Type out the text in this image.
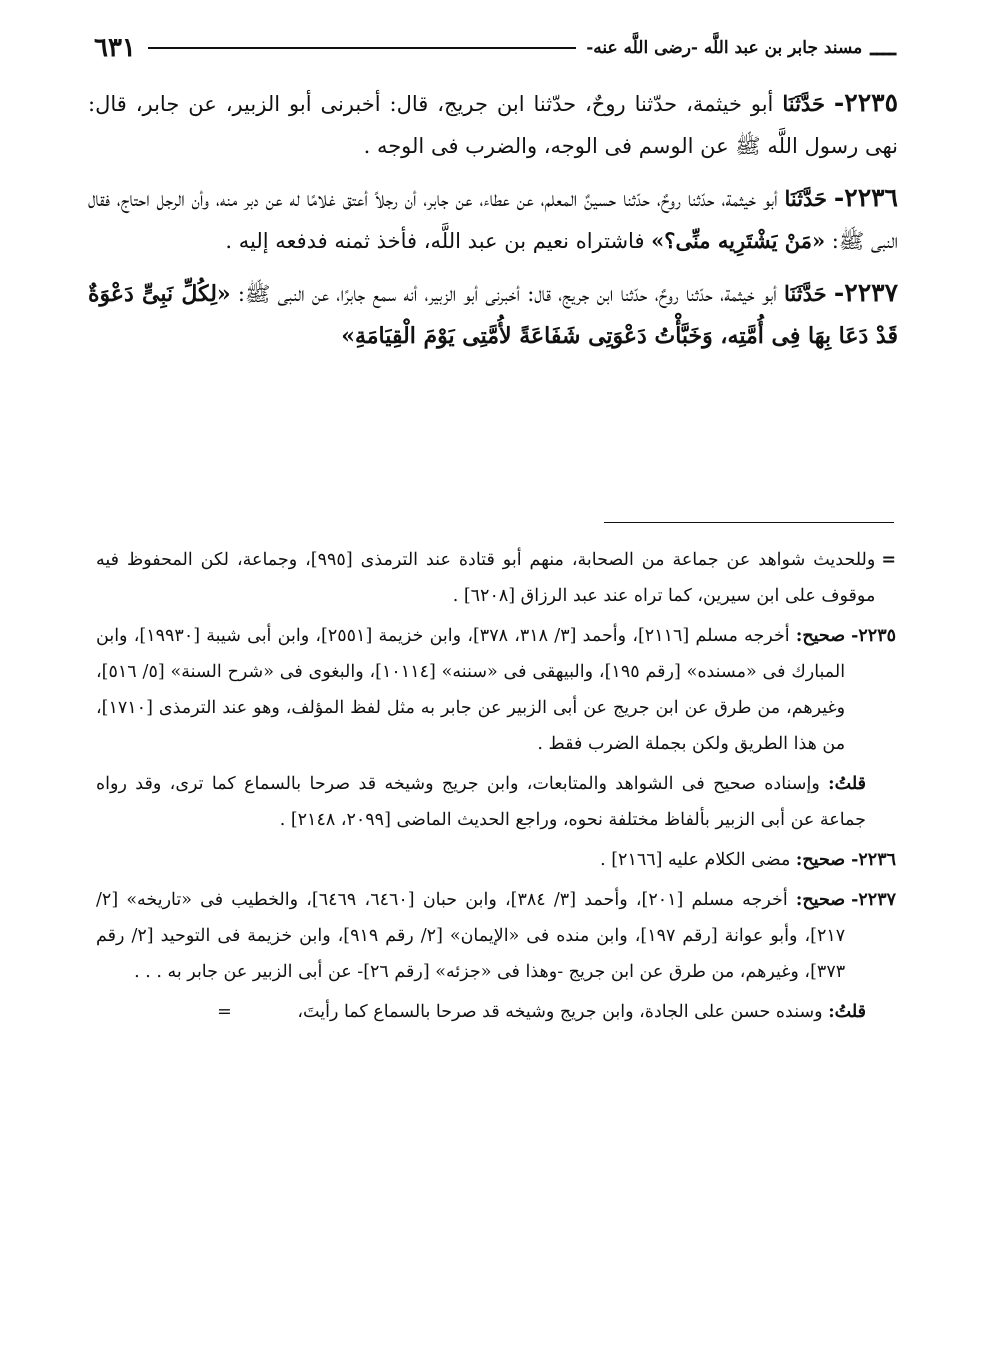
ــــ
مسند جابر بن عبد اللَّه -رضى اللَّه عنه-
٦٣١

٢٢٣٥- حَدَّثَنَا أبو خيثمة، حدّثنا روحٌ، حدّثنا ابن جريج، قال: أخبرنى أبو الزبير، عن جابر، قال: نهى رسول اللَّه ﷺ عن الوسم فى الوجه، والضرب فى الوجه .

٢٢٣٦- حَدَّثَنَا أبو خيثمة، حدّثنا روحٌ، حدّثنا حسينٌ المعلم، عن عطاء، عن جابر، أن رجلاً أعتق غلامًا له عن دبر منه، وأن الرجل احتاج، فقال النبى ﷺ: «مَنْ يَشْتَرِيه منِّى؟» فاشتراه نعيم بن عبد اللَّه، فأخذ ثمنه فدفعه إليه .

٢٢٣٧- حَدَّثَنَا أبو خيثمة، حدّثنا روحٌ، حدّثنا ابن جريج، قال: أخبرنى أبو الزبير، أنه سمع جابرًا، عن النبى ﷺ: «لِكُلِّ نَبِىٍّ دَعْوَةٌ قَدْ دَعَا بِهَا فِى أُمَّتِه، وَخَبَّأْتُ دَعْوَتِى شَفَاعَةً لأُمَّتِى يَوْمَ الْقِيَامَةِ»

=

وللحديث شواهد عن جماعة من الصحابة، منهم أبو قتادة عند الترمذى [٩٩٥]، وجماعة، لكن المحفوظ فيه موقوف على ابن سيرين، كما تراه عند عبد الرزاق [٦٢٠٨] .

٢٢٣٥-

صحيح: أخرجه مسلم [٢١١٦]، وأحمد [٣/ ٣١٨، ٣٧٨]، وابن خزيمة [٢٥٥١]، وابن أبى شيبة [١٩٩٣٠]، وابن المبارك فى «مسنده» [رقم ١٩٥]، والبيهقى فى «سننه» [١٠١١٤]، والبغوى فى «شرح السنة» [٥/ ٥١٦]، وغيرهم، من طرق عن ابن جريج عن أبى الزبير عن جابر به مثل لفظ المؤلف، وهو عند الترمذى [١٧١٠]، من هذا الطريق ولكن بجملة الضرب فقط .

قلتُ: وإسناده صحيح فى الشواهد والمتابعات، وابن جريج وشيخه قد صرحا بالسماع كما ترى، وقد رواه جماعة عن أبى الزبير بألفاظ مختلفة نحوه، وراجع الحديث الماضى [٢٠٩٩، ٢١٤٨] .

٢٢٣٦-

صحيح: مضى الكلام عليه [٢١٦٦] .

٢٢٣٧-

صحيح: أخرجه مسلم [٢٠١]، وأحمد [٣/ ٣٨٤]، وابن حبان [٦٤٦٠، ٦٤٦٩]، والخطيب فى «تاريخه» [٢/ ٢١٧]، وأبو عوانة [رقم ١٩٧]، وابن منده فى «الإيمان» [٢/ رقم ٩١٩]، وابن خزيمة فى التوحيد [٢/ رقم ٣٧٣]، وغيرهم، من طرق عن ابن جريج -وهذا فى «جزئه» [رقم ٢٦]- عن أبى الزبير عن جابر به . . .

قلتُ: وسنده حسن على الجادة، وابن جريج وشيخه قد صرحا بالسماع كما رأيتَ، =
